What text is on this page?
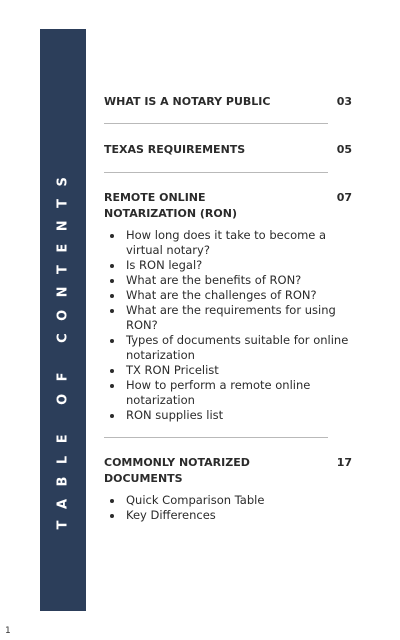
TABLE OF CONTENTS
WHAT IS A NOTARY PUBLIC	03
TEXAS REQUIREMENTS	05
REMOTE ONLINE NOTARIZATION (RON)
07
• How long does it take to become a virtual notary?
• Is RON legal?
• What are the benefits of RON?
• What are the challenges of RON?
• What are the requirements for using RON?
• Types of documents suitable for online notarization
• TX RON Pricelist
• How to perform a remote online notarization
• RON supplies list
COMMONLY NOTARIZED DOCUMENTS
17
• Quick Comparison Table
• Key Differences
1
